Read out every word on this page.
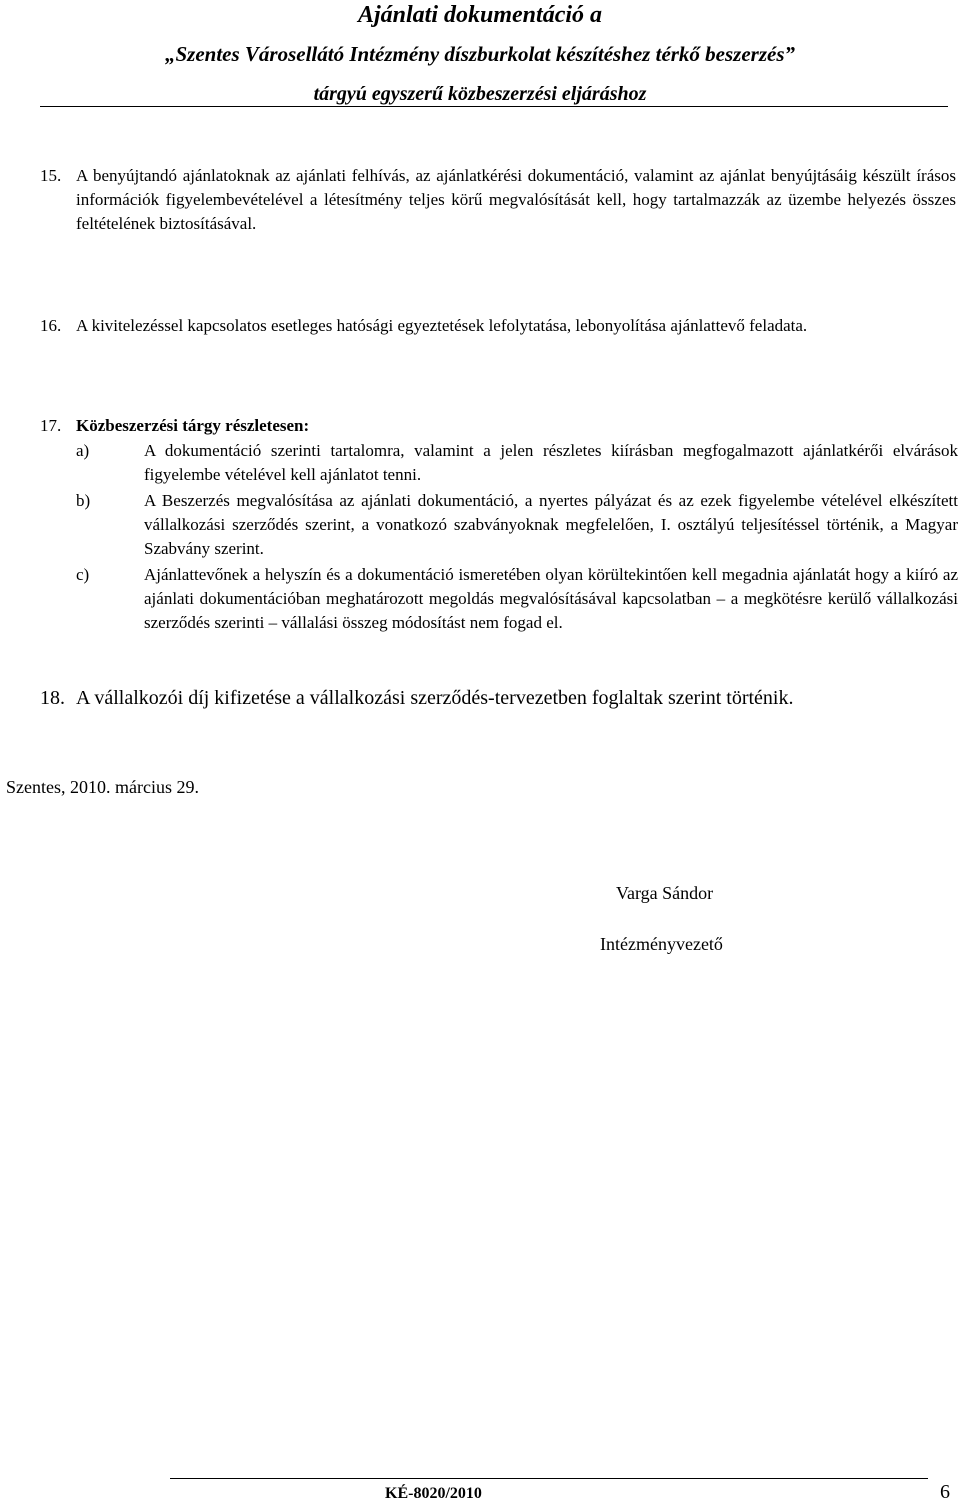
Ajánlati dokumentáció a
„Szentes Városellátó Intézmény díszburkolat készítéshez térkő beszerzés”
tárgyú egyszerű közbeszerzési eljáráshoz
15. A benyújtandó ajánlatoknak az ajánlati felhívás, az ajánlatkérési dokumentáció, valamint az ajánlat benyújtásáig készült írásos információk figyelembevételével a létesítmény teljes körű megvalósítását kell, hogy tartalmazzák az üzembe helyezés összes feltételének biztosításával.
16. A kivitelezéssel kapcsolatos esetleges hatósági egyeztetések lefolytatása, lebonyolítása ajánlattevő feladata.
17. Közbeszerzési tárgy részletesen:
a)	A dokumentáció szerinti tartalomra, valamint a jelen részletes kiírásban megfogalmazott ajánlatkérői elvárások figyelembe vételével kell ajánlatot tenni.
b)	A Beszerzés megvalósítása az ajánlati dokumentáció, a nyertes pályázat és az ezek figyelembe vételével elkészített vállalkozási szerződés szerint, a vonatkozó szabványoknak megfelelően, I. osztályú teljesítéssel történik, a Magyar Szabvány szerint.
c)	Ajánlattevőnek a helyszín és a dokumentáció ismeretében olyan körültekintően kell megadnia ajánlatát hogy a kiíró az ajánlati dokumentációban meghatározott megoldás megvalósításával kapcsolatban – a megkötésre kerülő vállalkozási szerződés szerinti – vállalási összeg módosítást nem fogad el.
18. A vállalkozói díj kifizetése a vállalkozási szerződés-tervezetben foglaltak szerint történik.
Szentes, 2010. március 29.
Varga Sándor
Intézményvezető
KÉ-8020/2010	6
